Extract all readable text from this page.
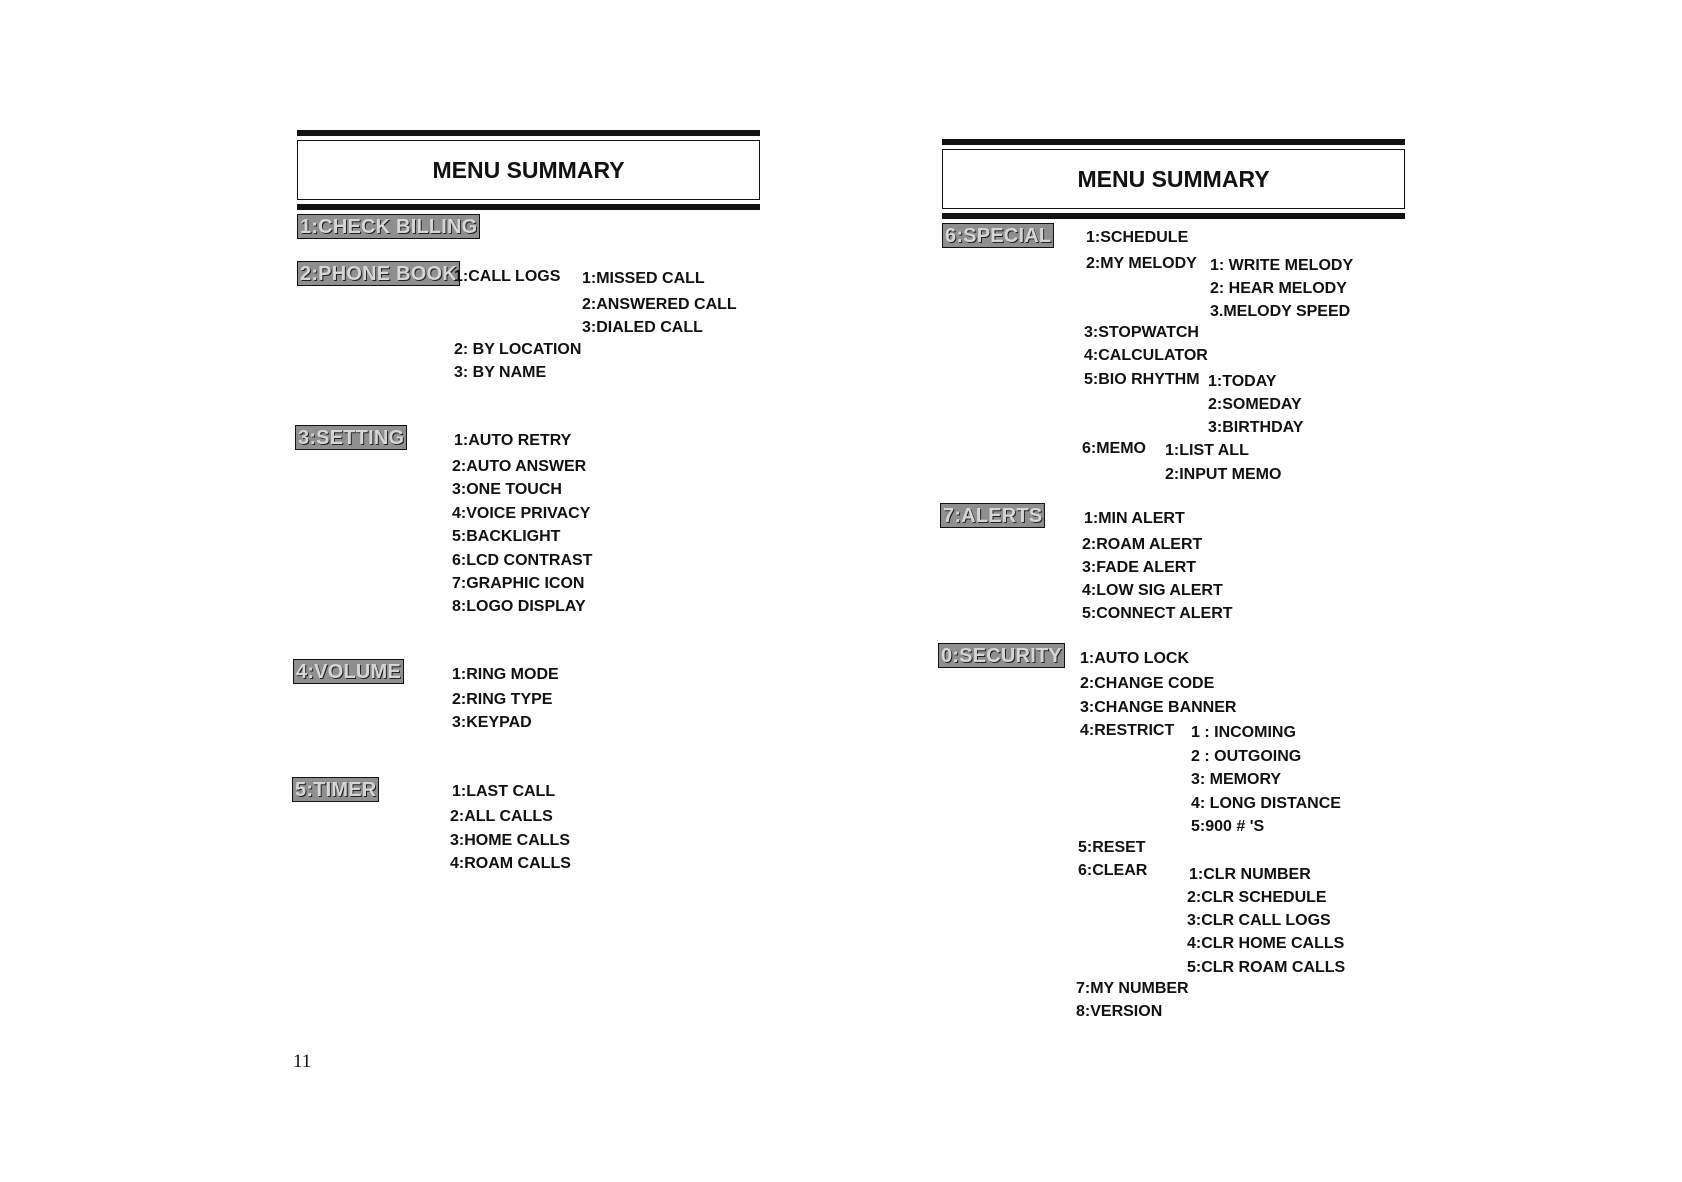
MENU SUMMARY
1:CHECK BILLING
2:PHONE BOOK
1:CALL LOGS 1:MISSED CALL
2:ANSWERED CALL
3:DIALED CALL
2: BY LOCATION
3: BY NAME
3:SETTING	1:AUTO RETRY
2:AUTO ANSWER
3:ONE TOUCH
4:VOICE PRIVACY
5:BACKLIGHT
6:LCD CONTRAST
7:GRAPHIC ICON
8:LOGO DISPLAY
4:VOLUME	1:RING MODE
2:RING TYPE
3:KEYPAD
5:TIMER	1:LAST CALL
2:ALL CALLS
3:HOME CALLS
4:ROAM CALLS
11
MENU SUMMARY
6:SPECIAL 1:SCHEDULE
2:MY MELODY 1: WRITE MELODY
2: HEAR MELODY
3.MELODY SPEED
3:STOPWATCH
4:CALCULATOR
5:BIO RHYTHM 1:TODAY
2:SOMEDAY
3:BIRTHDAY
6:MEMO 1:LIST ALL
2:INPUT MEMO
7:ALERTS	1:MIN ALERT
2:ROAM ALERT
3:FADE ALERT
4:LOW SIG ALERT
5:CONNECT ALERT
0:SECURITY 1:AUTO LOCK
2:CHANGE CODE
3:CHANGE BANNER
4:RESTRICT 1 : INCOMING
2 : OUTGOING
3: MEMORY
4: LONG DISTANCE
5:900 # 'S
5:RESET
6:CLEAR	1:CLR NUMBER
2:CLR SCHEDULE
3:CLR CALL LOGS
4:CLR HOME CALLS
5:CLR ROAM CALLS
7:MY NUMBER
8:VERSION
